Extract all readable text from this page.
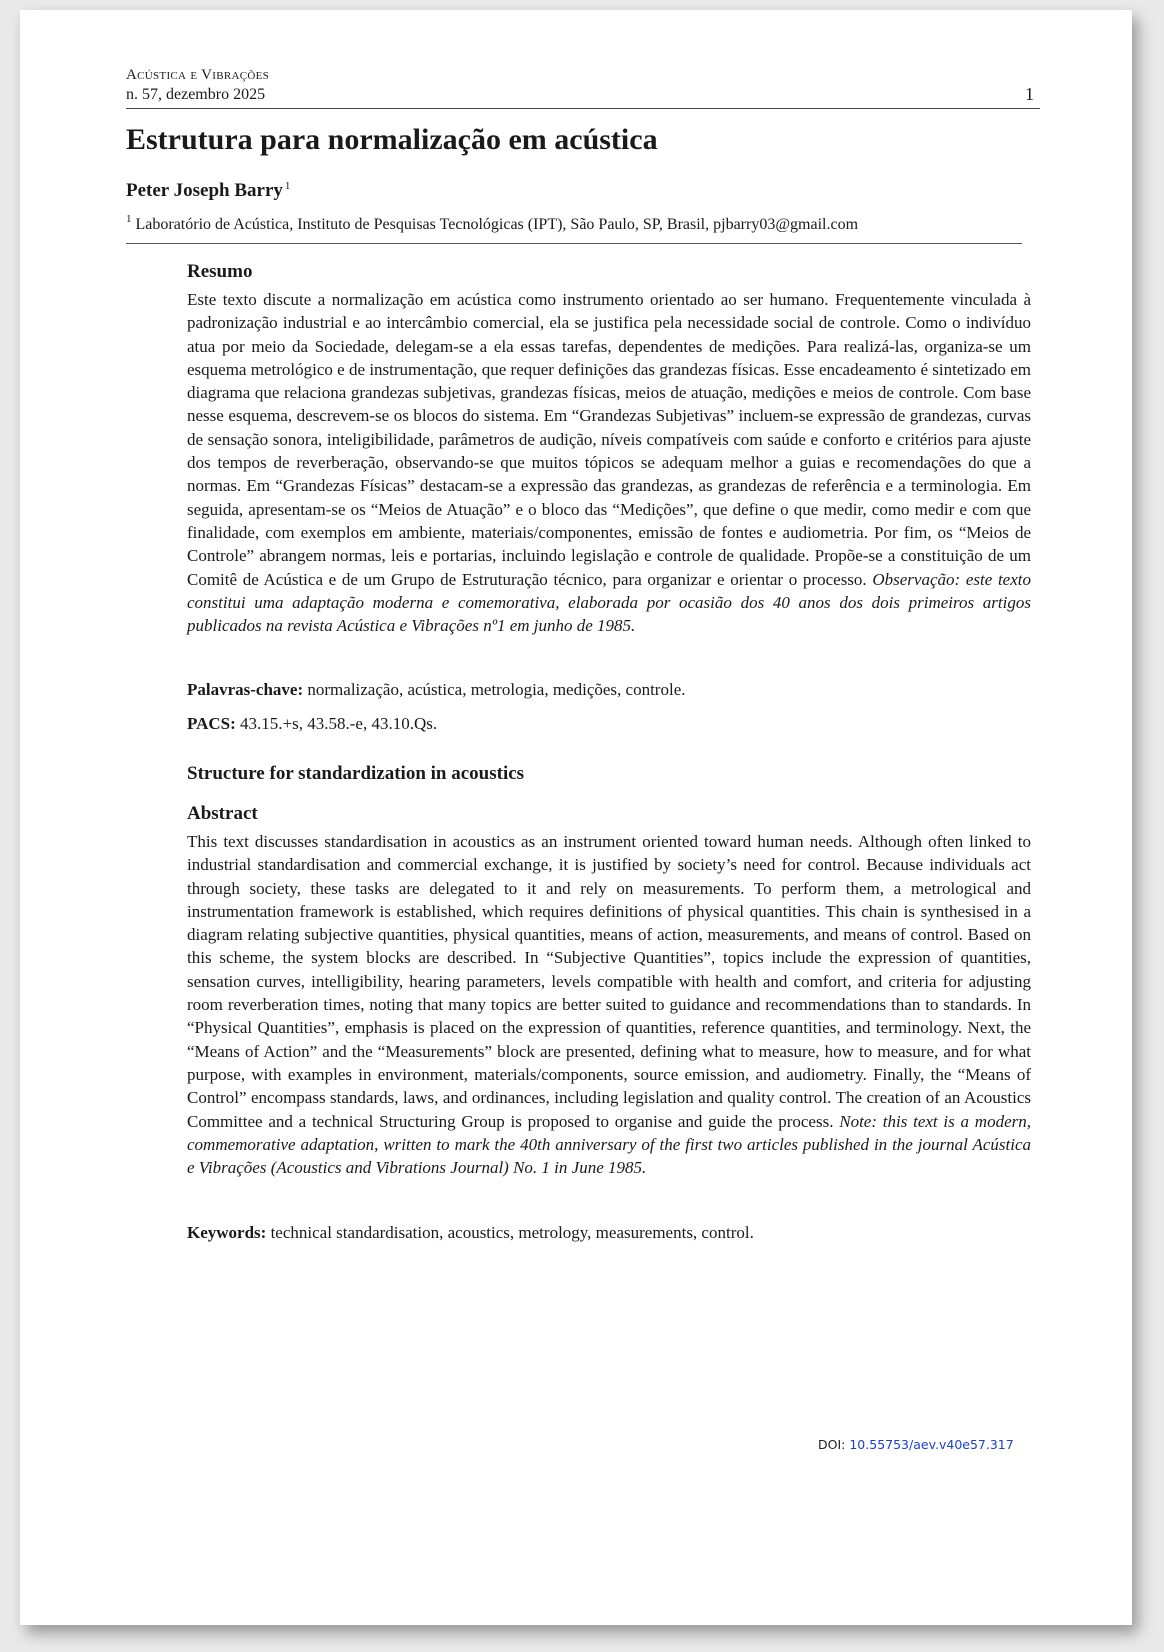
Acústica e Vibrações
n. 57, dezembro 2025	1
Estrutura para normalização em acústica
Peter Joseph Barry $^1$
$^1$ Laboratório de Acústica, Instituto de Pesquisas Tecnológicas (IPT), São Paulo, SP, Brasil, pjbarry03@gmail.com
Resumo
Este texto discute a normalização em acústica como instrumento orientado ao ser humano. Frequentemente vinculada à padronização industrial e ao intercâmbio comercial, ela se justifica pela necessidade social de controle. Como o indivíduo atua por meio da Sociedade, delegam-se a ela essas tarefas, dependentes de medições. Para realizá-las, organiza-se um esquema metrológico e de instrumentação, que requer definições das grandezas físicas. Esse encadeamento é sintetizado em diagrama que relaciona grandezas subjetivas, grandezas físicas, meios de atuação, medições e meios de controle. Com base nesse esquema, descrevem-se os blocos do sistema. Em “Grandezas Subjetivas” incluem-se expressão de grandezas, curvas de sensação sonora, inteligibilidade, parâmetros de audição, níveis compatíveis com saúde e conforto e critérios para ajuste dos tempos de reverberação, observando-se que muitos tópicos se adequam melhor a guias e recomendações do que a normas. Em “Grandezas Físicas” destacam-se a expressão das grandezas, as grandezas de referência e a terminologia. Em seguida, apresentam-se os “Meios de Atuação” e o bloco das “Medições”, que define o que medir, como medir e com que finalidade, com exemplos em ambiente, materiais/componentes, emissão de fontes e audiometria. Por fim, os “Meios de Controle” abrangem normas, leis e portarias, incluindo legislação e controle de qualidade. Propõe-se a constituição de um Comitê de Acústica e de um Grupo de Estruturação técnico, para organizar e orientar o processo. Observação: este texto constitui uma adaptação moderna e comemorativa, elaborada por ocasião dos 40 anos dos dois primeiros artigos publicados na revista Acústica e Vibrações nº1 em junho de 1985.
Palavras-chave: normalização, acústica, metrologia, medições, controle.
PACS: 43.15.+s, 43.58.-e, 43.10.Qs.
Structure for standardization in acoustics
Abstract
This text discusses standardisation in acoustics as an instrument oriented toward human needs. Although often linked to industrial standardisation and commercial exchange, it is justified by society’s need for control. Because individuals act through society, these tasks are delegated to it and rely on measurements. To perform them, a metrological and instrumentation framework is established, which requires definitions of physical quantities. This chain is synthesised in a diagram relating subjective quantities, physical quantities, means of action, measurements, and means of control. Based on this scheme, the system blocks are described. In “Subjective Quantities”, topics include the expression of quantities, sensation curves, intelligibility, hearing parameters, levels compatible with health and comfort, and criteria for adjusting room reverberation times, noting that many topics are better suited to guidance and recommendations than to standards. In “Physical Quantities”, emphasis is placed on the expression of quantities, reference quantities, and terminology. Next, the “Means of Action” and the “Measurements” block are presented, defining what to measure, how to measure, and for what purpose, with examples in environment, materials/components, source emission, and audiometry. Finally, the “Means of Control” encompass standards, laws, and ordinances, including legislation and quality control. The creation of an Acoustics Committee and a technical Structuring Group is proposed to organise and guide the process. Note: this text is a modern, commemorative adaptation, written to mark the 40th anniversary of the first two articles published in the journal Acústica e Vibrações (Acoustics and Vibrations Journal) No. 1 in June 1985.
Keywords: technical standardisation, acoustics, metrology, measurements, control.
DOI: 10.55753/aev.v40e57.317
